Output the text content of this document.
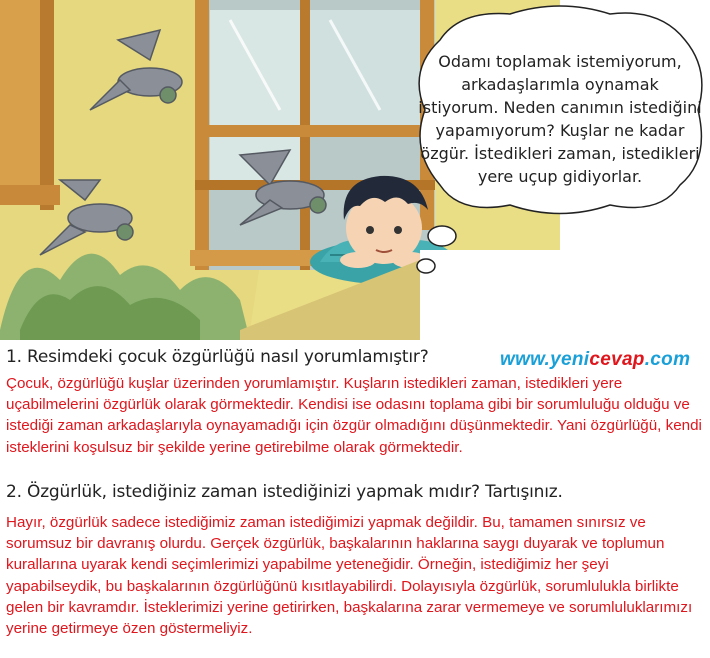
Odamı toplamak istemiyorum,
arkadaşlarımla oynamak
istiyorum. Neden canımın istediğini
yapamıyorum? Kuşlar ne kadar
özgür. İstedikleri zaman, istedikleri
yere uçup gidiyorlar.
1. Resimdeki çocuk özgürlüğü nasıl yorumlamıştır?	www.yenicevap.com
Çocuk, özgürlüğü kuşlar üzerinden yorumlamıştır. Kuşların istedikleri zaman, istedikleri yere uçabilmelerini özgürlük olarak görmektedir. Kendisi ise odasını toplama gibi bir sorumluluğu olduğu ve istediği zaman arkadaşlarıyla oynayamadığı için özgür olmadığını düşünmektedir. Yani özgürlüğü, kendi isteklerini koşulsuz bir şekilde yerine getirebilme olarak görmektedir.
2. Özgürlük, istediğiniz zaman istediğinizi yapmak mıdır? Tartışınız.
Hayır, özgürlük sadece istediğimiz zaman istediğimizi yapmak değildir. Bu, tamamen sınırsız ve sorumsuz bir davranış olurdu. Gerçek özgürlük, başkalarının haklarına saygı duyarak ve toplumun kurallarına uyarak kendi seçimlerimizi yapabilme yeteneğidir. Örneğin, istediğimiz her şeyi yapabilseydik, bu başkalarının özgürlüğünü kısıtlayabilirdi. Dolayısıyla özgürlük, sorumlulukla birlikte gelen bir kavramdır. İsteklerimizi yerine getirirken, başkalarına zarar vermemeye ve sorumluluklarımızı yerine getirmeye özen göstermeliyiz.
